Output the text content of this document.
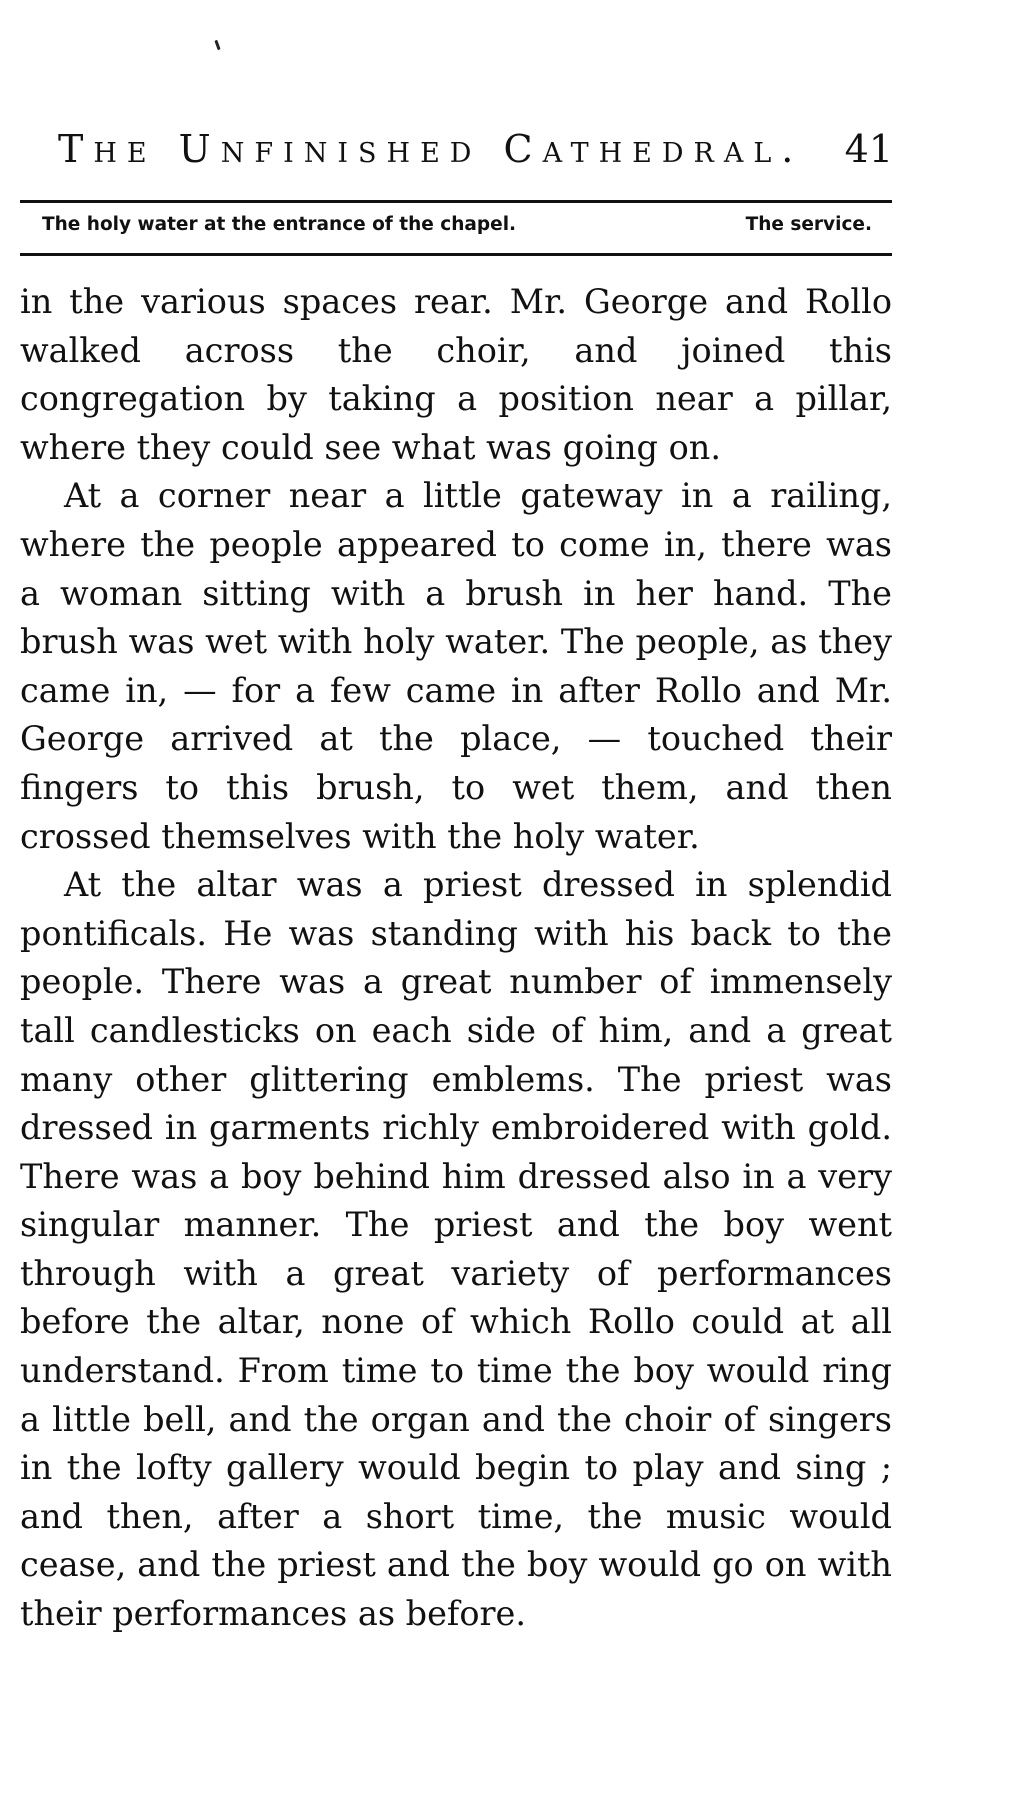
The Unfinished Cathedral. 41
The holy water at the entrance of the chapel.	The service.

in the various spaces rear. Mr. George and Rollo walked across the choir, and joined this congregation by taking a position near a pillar, where they could see what was going on.

At a corner near a little gateway in a railing, where the people appeared to come in, there was a woman sitting with a brush in her hand. The brush was wet with holy water. The people, as they came in, — for a few came in after Rollo and Mr. George arrived at the place, — touched their fingers to this brush, to wet them, and then crossed themselves with the holy water.

At the altar was a priest dressed in splendid pontificals. He was standing with his back to the people. There was a great number of immensely tall candlesticks on each side of him, and a great many other glittering emblems. The priest was dressed in garments richly embroidered with gold. There was a boy behind him dressed also in a very singular manner. The priest and the boy went through with a great variety of performances before the altar, none of which Rollo could at all understand. From time to time the boy would ring a little bell, and the organ and the choir of singers in the lofty gallery would begin to play and sing ; and then, after a short time, the music would cease, and the priest and the boy would go on with their performances as before.
